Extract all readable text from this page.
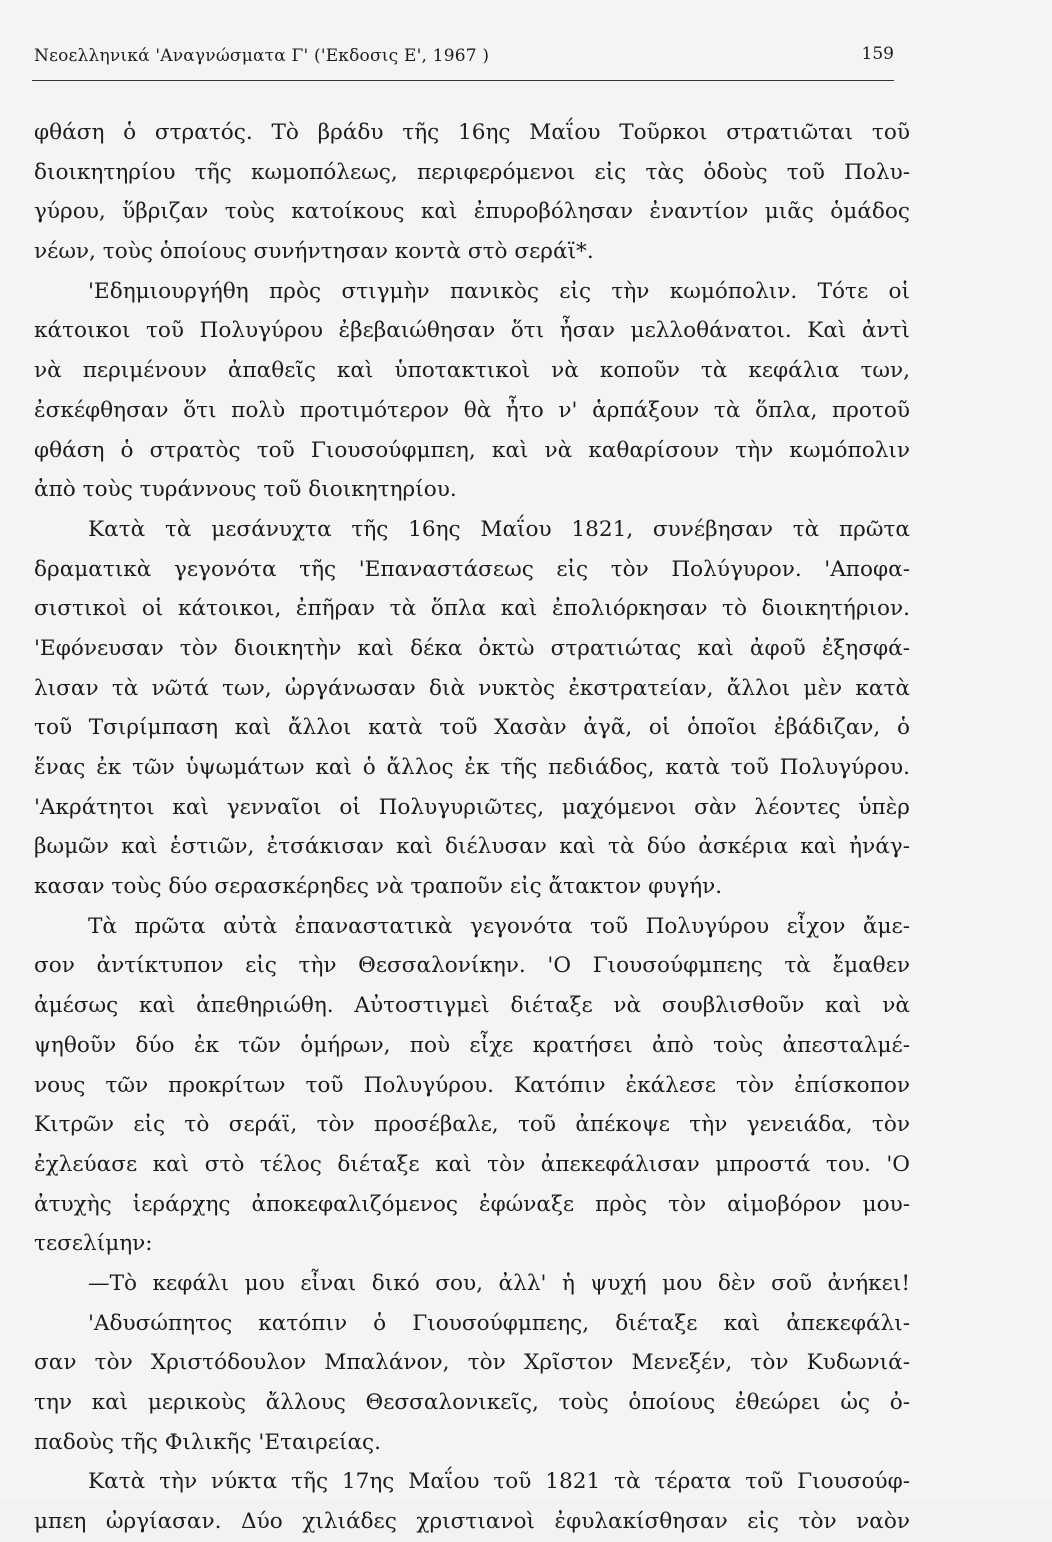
Νεοελληνικά 'Αναγνώσματα Γ' ('Εκδοσις Ε', 1967 )	159
φθάση ὁ στρατός. Τὸ βράδυ τῆς 16ης Μαΐου Τοῦρκοι στρατιῶται τοῦ
διοικητηρίου τῆς κωμοπόλεως, περιφερόμενοι εἰς τὰς ὁδοὺς τοῦ Πολυ-
γύρου, ὕβριζαν τοὺς κατοίκους καὶ ἐπυροβόλησαν ἐναντίον μιᾶς ὁμάδος
νέων, τοὺς ὁποίους συνήντησαν κοντὰ στὸ σεράϊ*.
'Εδημιουργήθη πρὸς στιγμὴν πανικὸς εἰς τὴν κωμόπολιν. Τότε οἱ
κάτοικοι τοῦ Πολυγύρου ἐβεβαιώθησαν ὅτι ἦσαν μελλοθάνατοι. Καὶ ἀντὶ
νὰ περιμένουν ἀπαθεῖς καὶ ὑποτακτικοὶ νὰ κοποῦν τὰ κεφάλια των,
ἐσκέφθησαν ὅτι πολὺ προτιμότερον θὰ ἦτο ν' ἁρπάξουν τὰ ὅπλα, προτοῦ
φθάση ὁ στρατὸς τοῦ Γιουσούφμπεη, καὶ νὰ καθαρίσουν τὴν κωμόπολιν
ἀπὸ τοὺς τυράννους τοῦ διοικητηρίου.
Κατὰ τὰ μεσάνυχτα τῆς 16ης Μαΐου 1821, συνέβησαν τὰ πρῶτα
δραματικὰ γεγονότα τῆς 'Επαναστάσεως εἰς τὸν Πολύγυρον. 'Αποφα-
σιστικοὶ οἱ κάτοικοι, ἐπῆραν τὰ ὅπλα καὶ ἐπολιόρκησαν τὸ διοικητήριον.
'Εφόνευσαν τὸν διοικητὴν καὶ δέκα ὀκτὼ στρατιώτας καὶ ἀφοῦ ἐξησφά-
λισαν τὰ νῶτά των, ὠργάνωσαν διὰ νυκτὸς ἐκστρατείαν, ἄλλοι μὲν κατὰ
τοῦ Τσιρίμπαση καὶ ἄλλοι κατὰ τοῦ Χασὰν ἀγᾶ, οἱ ὁποῖοι ἐβάδιζαν, ὁ
ἕνας ἐκ τῶν ὑψωμάτων καὶ ὁ ἄλλος ἐκ τῆς πεδιάδος, κατὰ τοῦ Πολυγύρου.
'Ακράτητοι καὶ γενναῖοι οἱ Πολυγυριῶτες, μαχόμενοι σὰν λέοντες ὑπὲρ
βωμῶν καὶ ἑστιῶν, ἐτσάκισαν καὶ διέλυσαν καὶ τὰ δύο ἀσκέρια καὶ ἠνάγ-
κασαν τοὺς δύο σερασκέρηδες νὰ τραποῦν εἰς ἄτακτον φυγήν.
Τὰ πρῶτα αὐτὰ ἐπαναστατικὰ γεγονότα τοῦ Πολυγύρου εἶχον ἄμε-
σον ἀντίκτυπον εἰς τὴν Θεσσαλονίκην. 'Ο Γιουσούφμπεης τὰ ἔμαθεν
ἀμέσως καὶ ἀπεθηριώθη. Αὐτοστιγμεὶ διέταξε νὰ σουβλισθοῦν καὶ νὰ
ψηθοῦν δύο ἐκ τῶν ὁμήρων, ποὺ εἶχε κρατήσει ἀπὸ τοὺς ἀπεσταλμέ-
νους τῶν προκρίτων τοῦ Πολυγύρου. Κατόπιν ἐκάλεσε τὸν ἐπίσκοπον
Κιτρῶν εἰς τὸ σεράϊ, τὸν προσέβαλε, τοῦ ἀπέκοψε τὴν γενειάδα, τὸν
ἐχλεύασε καὶ στὸ τέλος διέταξε καὶ τὸν ἀπεκεφάλισαν μπροστά του. 'Ο
ἀτυχὴς ἱεράρχης ἀποκεφαλιζόμενος ἐφώναξε πρὸς τὸν αἱμοβόρον μου-
τεσελίμην:
—Τὸ κεφάλι μου εἶναι δικό σου, ἀλλ' ἡ ψυχή μου δὲν σοῦ ἀνήκει!
'Αδυσώπητος κατόπιν ὁ Γιουσούφμπεης, διέταξε καὶ ἀπεκεφάλι-
σαν τὸν Χριστόδουλον Μπαλάνον, τὸν Χρῖστον Μενεξέν, τὸν Κυδωνιά-
την καὶ μερικοὺς ἄλλους Θεσσαλονικεῖς, τοὺς ὁποίους ἐθεώρει ὡς ὀ-
παδοὺς τῆς Φιλικῆς 'Εταιρείας.
Κατὰ τὴν νύκτα τῆς 17ης Μαΐου τοῦ 1821 τὰ τέρατα τοῦ Γιουσούφ-
μπεη ὠργίασαν. Δύο χιλιάδες χριστιανοὶ ἐφυλακίσθησαν εἰς τὸν ναὸν
